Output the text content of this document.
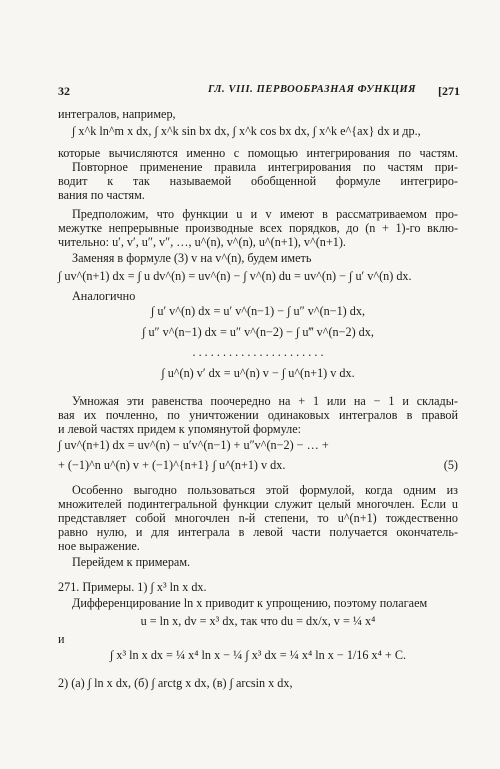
32	ГЛ. VIII. ПЕРВООБРАЗНАЯ ФУНКЦИЯ [271
интегралов, например,
∫ x^k ln^m x dx, ∫ x^k sin bx dx, ∫ x^k cos bx dx, ∫ x^k e^{ax} dx и др.,
которые вычисляются именно с помощью интегрирования по частям.
Повторное применение правила интегрирования по частям при-
водит к так называемой обобщенной формуле интегриро-
вания по частям.
Предположим, что функции u и v имеют в рассматриваемом про-
межутке непрерывные производные всех порядков, до (n + 1)-го вклю-
чительно: u′, v′, u″, v″, …, u^(n), v^(n), u^(n+1), v^(n+1).
Заменяя в формуле (3) v на v^(n), будем иметь
∫ uv^(n+1) dx = ∫ u dv^(n) = uv^(n) − ∫ v^(n) du = uv^(n) − ∫ u′ v^(n) dx.
Аналогично
∫ u′ v^(n) dx = u′ v^(n−1) − ∫ u″ v^(n−1) dx,
∫ u″ v^(n−1) dx = u″ v^(n−2) − ∫ u‴ v^(n−2) dx,
. . . . . . . . . . . . . . . . . . . . . .
∫ u^(n) v′ dx = u^(n) v − ∫ u^(n+1) v dx.
Умножая эти равенства поочередно на + 1 или на − 1 и склады-
вая их почленно, по уничтожении одинаковых интегралов в правой
и левой частях придем к упомянутой формуле:
∫ uv^(n+1) dx = uv^(n) − u′v^(n−1) + u″v^(n−2) − … +
+ (−1)^n u^(n) v + (−1)^{n+1} ∫ u^(n+1) v dx.	(5)
Особенно выгодно пользоваться этой формулой, когда одним из
множителей подинтегральной функции служит целый многочлен. Если u
представляет собой многочлен n-й степени, то u^(n+1) тождественно
равно нулю, и для интеграла в левой части получается окончатель-
ное выражение.
Перейдем к примерам.
271. Примеры. 1) ∫ x³ ln x dx.
Дифференцирование ln x приводит к упрощению, поэтому полагаем
u = ln x, dv = x³ dx, так что du = dx/x, v = ¼ x⁴
и
∫ x³ ln x dx = ¼ x⁴ ln x − ¼ ∫ x³ dx = ¼ x⁴ ln x − 1/16 x⁴ + C.
2) (а) ∫ ln x dx, (б) ∫ arctg x dx, (в) ∫ arcsin x dx,
